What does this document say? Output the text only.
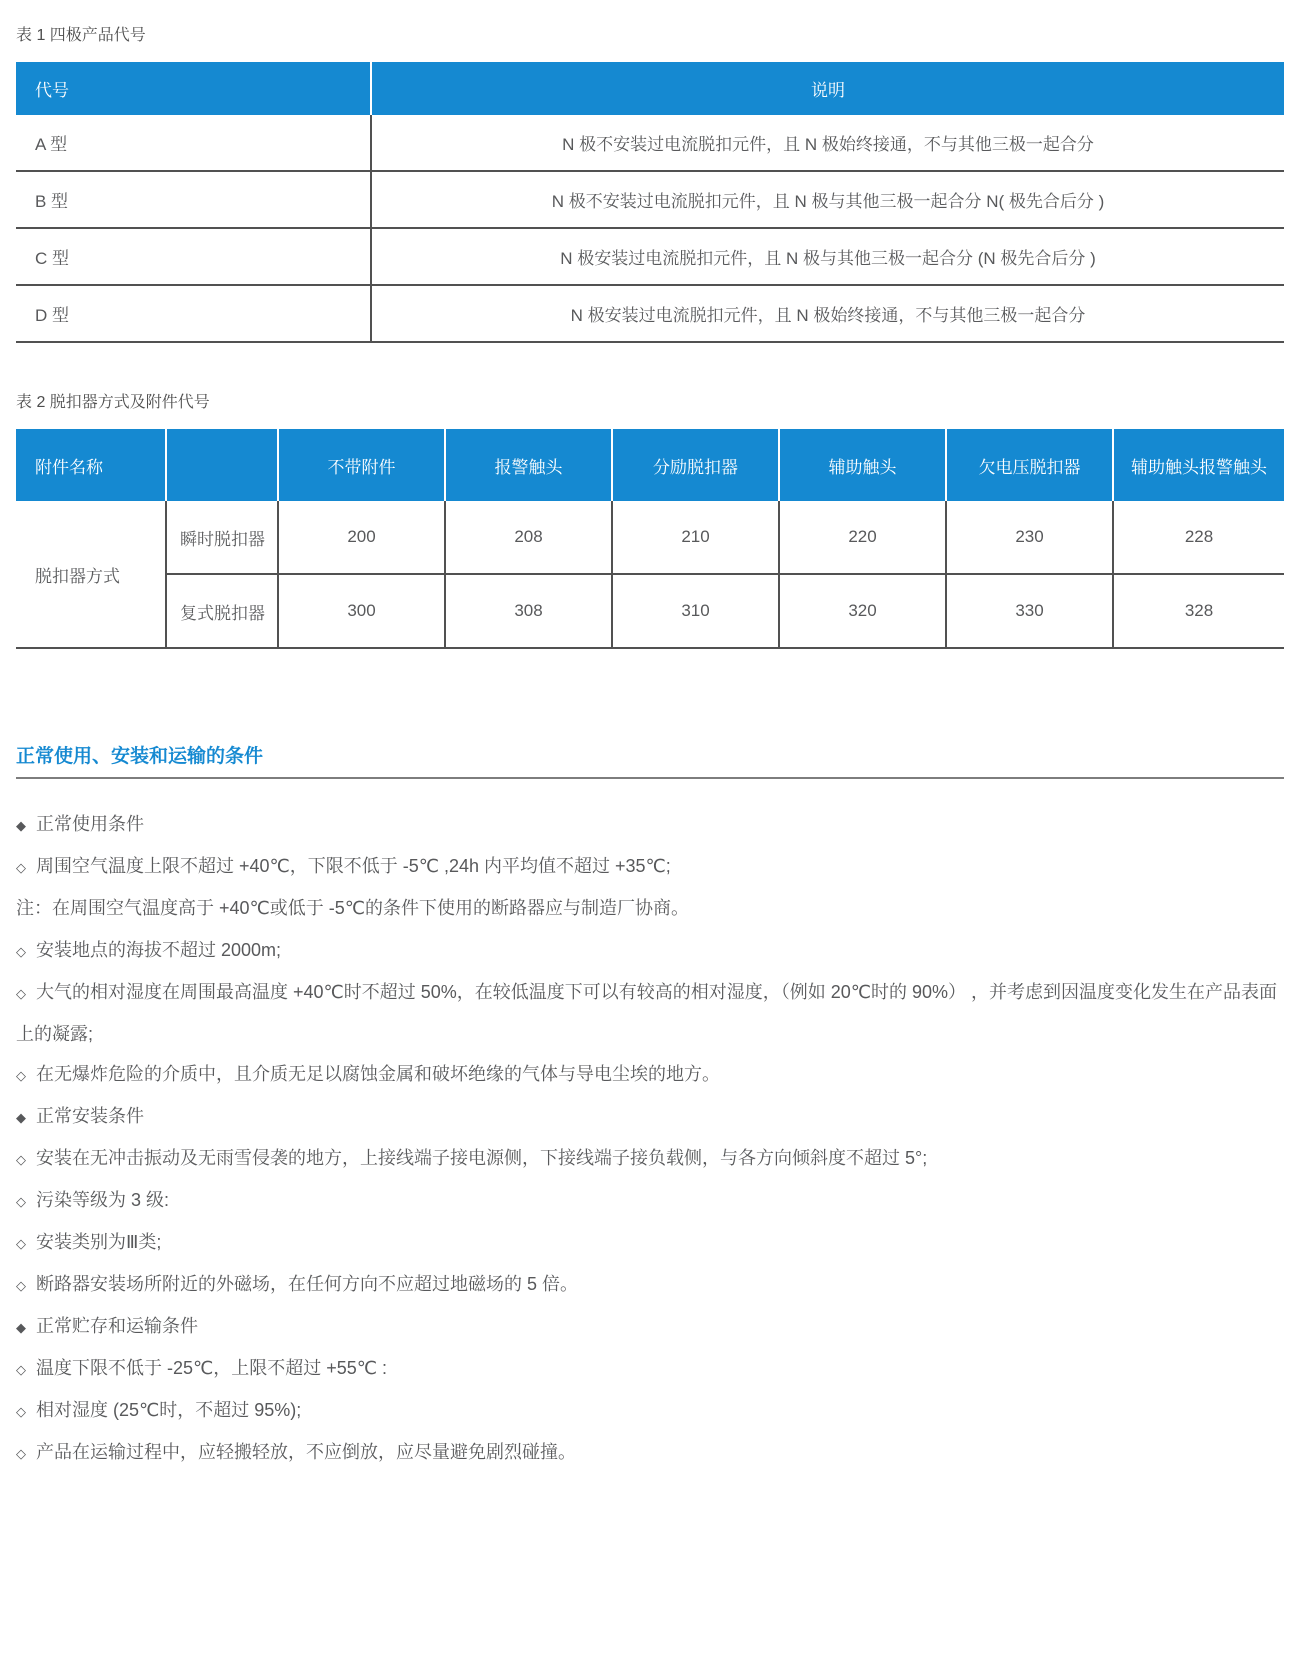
表 1 四极产品代号
代号	说明
A 型	N 极不安装过电流脱扣元件，且 N 极始终接通，不与其他三极一起合分
B 型	N 极不安装过电流脱扣元件，且 N 极与其他三极一起合分 N( 极先合后分 )
C 型	N 极安装过电流脱扣元件，且 N 极与其他三极一起合分 (N 极先合后分 )
D 型	N 极安装过电流脱扣元件，且 N 极始终接通，不与其他三极一起合分
表 2 脱扣器方式及附件代号
附件名称		不带附件	报警触头	分励脱扣器	辅助触头	欠电压脱扣器	辅助触头报警触头
脱扣器方式	瞬时脱扣器	200	208	210	220	230	228
	复式脱扣器	300	308	310	320	330	328
正常使用、安装和运输的条件
◆ 正常使用条件
◇ 周围空气温度上限不超过 +40℃，下限不低于 -5℃ ,24h 内平均值不超过 +35℃;
注：在周围空气温度高于 +40℃或低于 -5℃的条件下使用的断路器应与制造厂协商。
◇ 安装地点的海拔不超过 2000m;
◇ 大气的相对湿度在周围最高温度 +40℃时不超过 50%，在较低温度下可以有较高的相对湿度，（例如 20℃时的 90%） ，并考虑到因温度变化发生在产品表面上的凝露;
◇ 在无爆炸危险的介质中，且介质无足以腐蚀金属和破坏绝缘的气体与导电尘埃的地方。
◆ 正常安装条件
◇ 安装在无冲击振动及无雨雪侵袭的地方，上接线端子接电源侧，下接线端子接负载侧，与各方向倾斜度不超过 5°;
◇ 污染等级为 3 级:
◇ 安装类别为Ⅲ类;
◇ 断路器安装场所附近的外磁场，在任何方向不应超过地磁场的 5 倍。
◆ 正常贮存和运输条件
◇ 温度下限不低于 -25℃，上限不超过 +55℃ :
◇ 相对湿度 (25℃时，不超过 95%);
◇ 产品在运输过程中，应轻搬轻放，不应倒放，应尽量避免剧烈碰撞。
